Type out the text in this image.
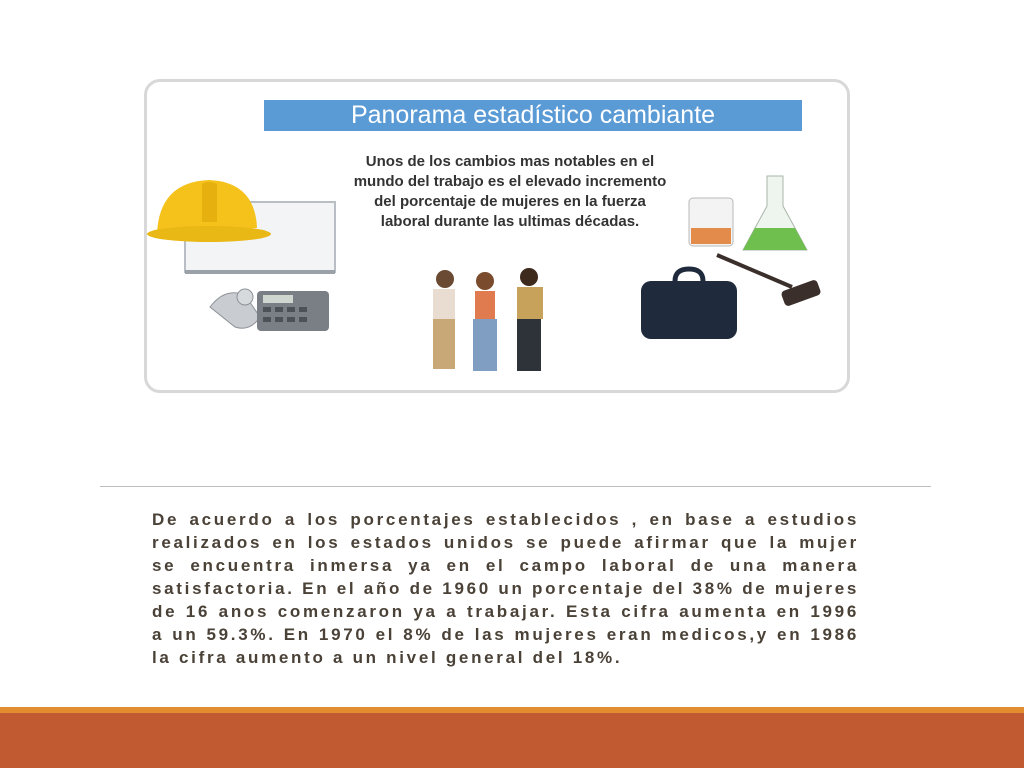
Panorama estadístico cambiante
Unos de los cambios mas notables en el mundo del trabajo es el elevado incremento del porcentaje de mujeres en la fuerza laboral durante las ultimas décadas.
De acuerdo a los porcentajes establecidos , en base a estudios realizados en los estados unidos se puede afirmar que la mujer se encuentra inmersa ya en el campo laboral de una manera satisfactoria. En el año de 1960 un porcentaje del 38% de mujeres de 16 anos comenzaron ya a trabajar. Esta cifra aumenta en 1996 a un 59.3%. En 1970 el 8% de las mujeres eran medicos,y en 1986 la cifra aumento a un nivel general del 18%.
